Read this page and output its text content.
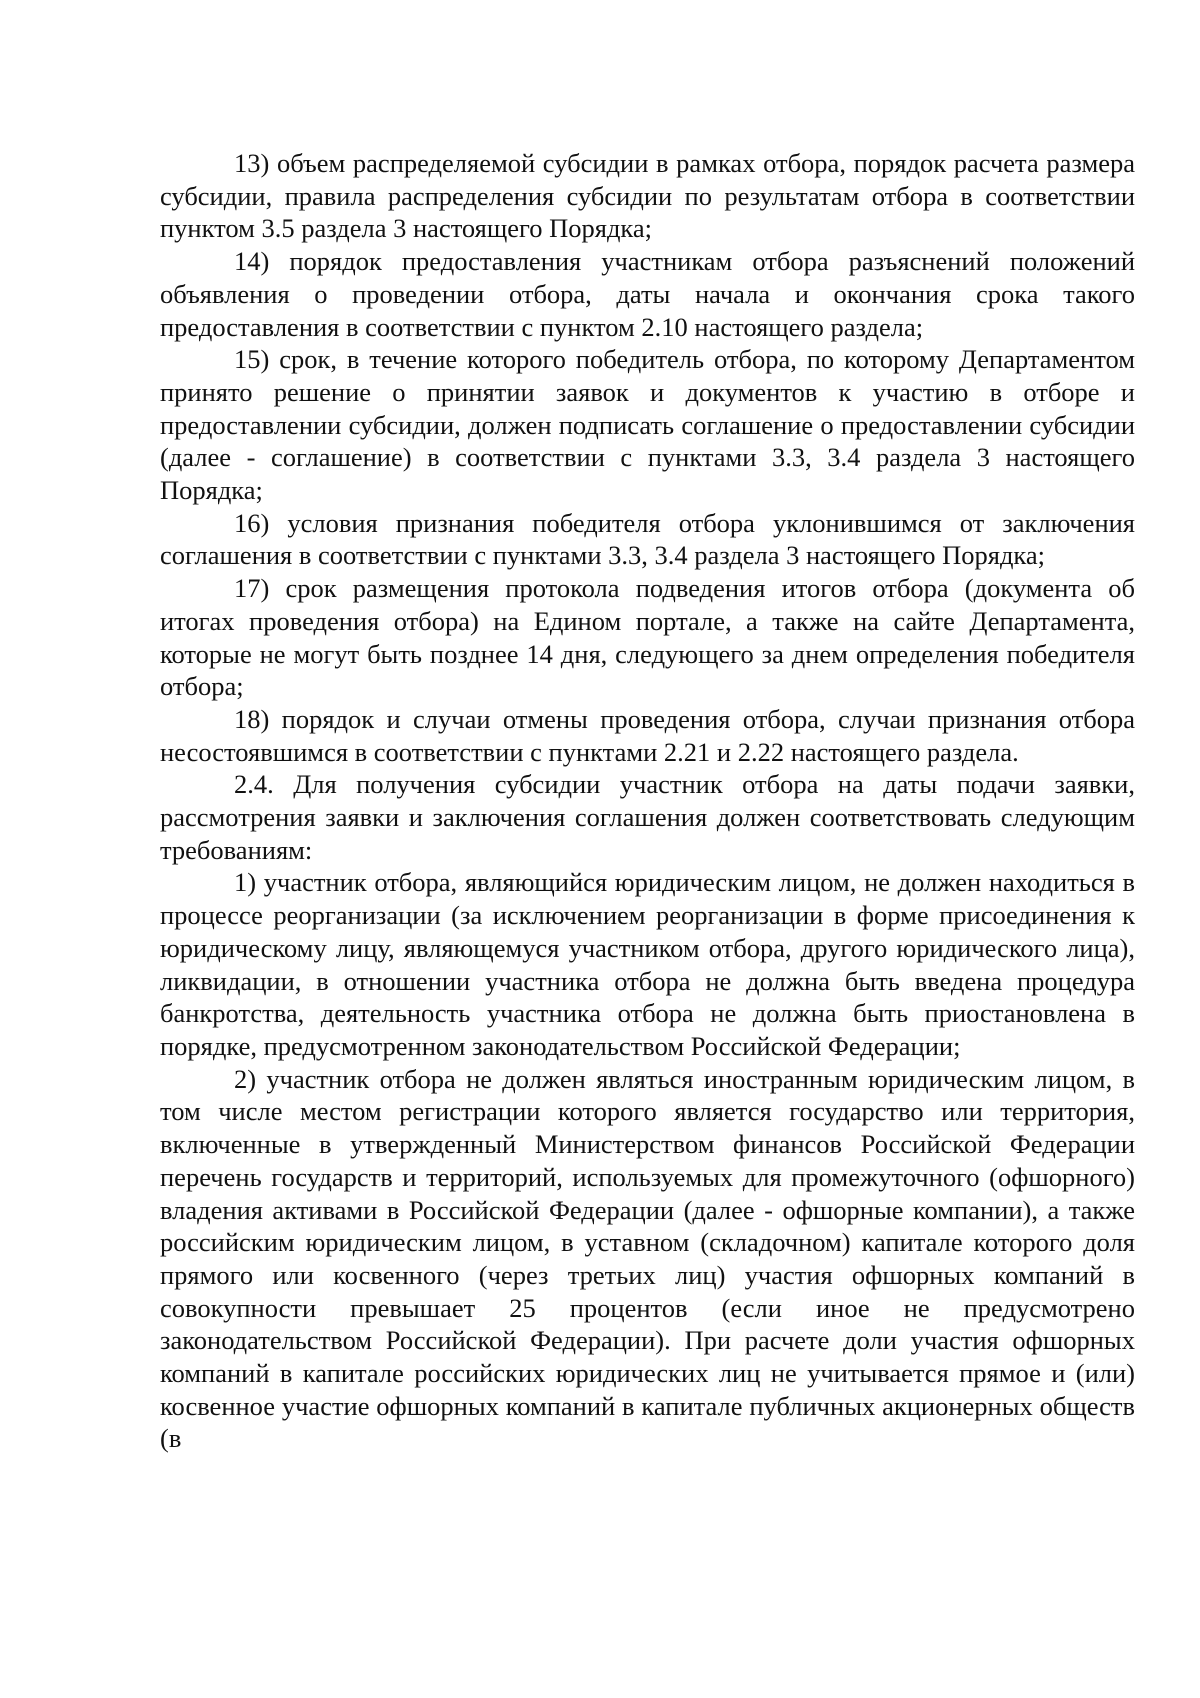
13) объем распределяемой субсидии в рамках отбора, порядок расчета размера субсидии, правила распределения субсидии по результатам отбора в соответствии пунктом 3.5 раздела 3 настоящего Порядка;

14) порядок предоставления участникам отбора разъяснений положений объявления о проведении отбора, даты начала и окончания срока такого предоставления в соответствии с пунктом 2.10 настоящего раздела;

15) срок, в течение которого победитель отбора, по которому Департаментом принято решение о принятии заявок и документов к участию в отборе и предоставлении субсидии, должен подписать соглашение о предоставлении субсидии (далее - соглашение) в соответствии с пунктами 3.3, 3.4 раздела 3 настоящего Порядка;

16) условия признания победителя отбора уклонившимся от заключения соглашения в соответствии с пунктами 3.3, 3.4 раздела 3 настоящего Порядка;

17) срок размещения протокола подведения итогов отбора (документа об итогах проведения отбора) на Едином портале, а также на сайте Департамента, которые не могут быть позднее 14 дня, следующего за днем определения победителя отбора;

18) порядок и случаи отмены проведения отбора, случаи признания отбора несостоявшимся в соответствии с пунктами 2.21 и 2.22 настоящего раздела.

2.4. Для получения субсидии участник отбора на даты подачи заявки, рассмотрения заявки и заключения соглашения должен соответствовать следующим требованиям:

1) участник отбора, являющийся юридическим лицом, не должен находиться в процессе реорганизации (за исключением реорганизации в форме присоединения к юридическому лицу, являющемуся участником отбора, другого юридического лица), ликвидации, в отношении участника отбора не должна быть введена процедура банкротства, деятельность участника отбора не должна быть приостановлена в порядке, предусмотренном законодательством Российской Федерации;

2) участник отбора не должен являться иностранным юридическим лицом, в том числе местом регистрации которого является государство или территория, включенные в утвержденный Министерством финансов Российской Федерации перечень государств и территорий, используемых для промежуточного (офшорного) владения активами в Российской Федерации (далее - офшорные компании), а также российским юридическим лицом, в уставном (складочном) капитале которого доля прямого или косвенного (через третьих лиц) участия офшорных компаний в совокупности превышает 25 процентов (если иное не предусмотрено законодательством Российской Федерации). При расчете доли участия офшорных компаний в капитале российских юридических лиц не учитывается прямое и (или) косвенное участие офшорных компаний в капитале публичных акционерных обществ (в
